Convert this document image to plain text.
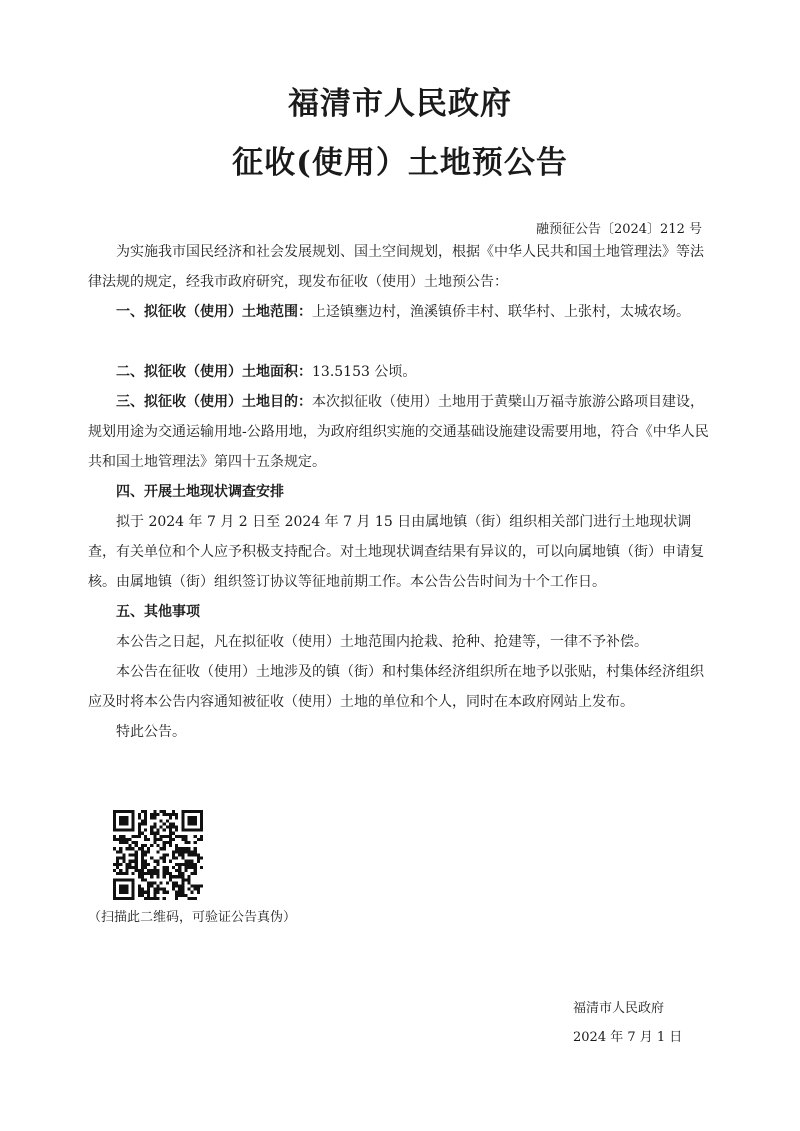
福清市人民政府
征收(使用）土地预公告

融预征公告〔2024〕212 号

为实施我市国民经济和社会发展规划、国土空间规划，根据《中华人民共和国土地管理法》等法律法规的规定，经我市政府研究，现发布征收（使用）土地预公告：

一、拟征收（使用）土地范围：上迳镇壅边村，渔溪镇侨丰村、联华村、上张村，太城农场。

二、拟征收（使用）土地面积：13.5153 公顷。

三、拟征收（使用）土地目的：本次拟征收（使用）土地用于黄檗山万福寺旅游公路项目建设，规划用途为交通运输用地-公路用地，为政府组织实施的交通基础设施建设需要用地，符合《中华人民共和国土地管理法》第四十五条规定。

四、开展土地现状调查安排

拟于 2024 年 7 月 2 日至 2024 年 7 月 15 日由属地镇（街）组织相关部门进行土地现状调查，有关单位和个人应予积极支持配合。对土地现状调查结果有异议的，可以向属地镇（街）申请复核。由属地镇（街）组织签订协议等征地前期工作。本公告公告时间为十个工作日。

五、其他事项

本公告之日起，凡在拟征收（使用）土地范围内抢栽、抢种、抢建等，一律不予补偿。

本公告在征收（使用）土地涉及的镇（街）和村集体经济组织所在地予以张贴，村集体经济组织应及时将本公告内容通知被征收（使用）土地的单位和个人，同时在本政府网站上发布。

特此公告。

（扫描此二维码，可验证公告真伪）

福清市人民政府

2024 年 7 月 1 日
